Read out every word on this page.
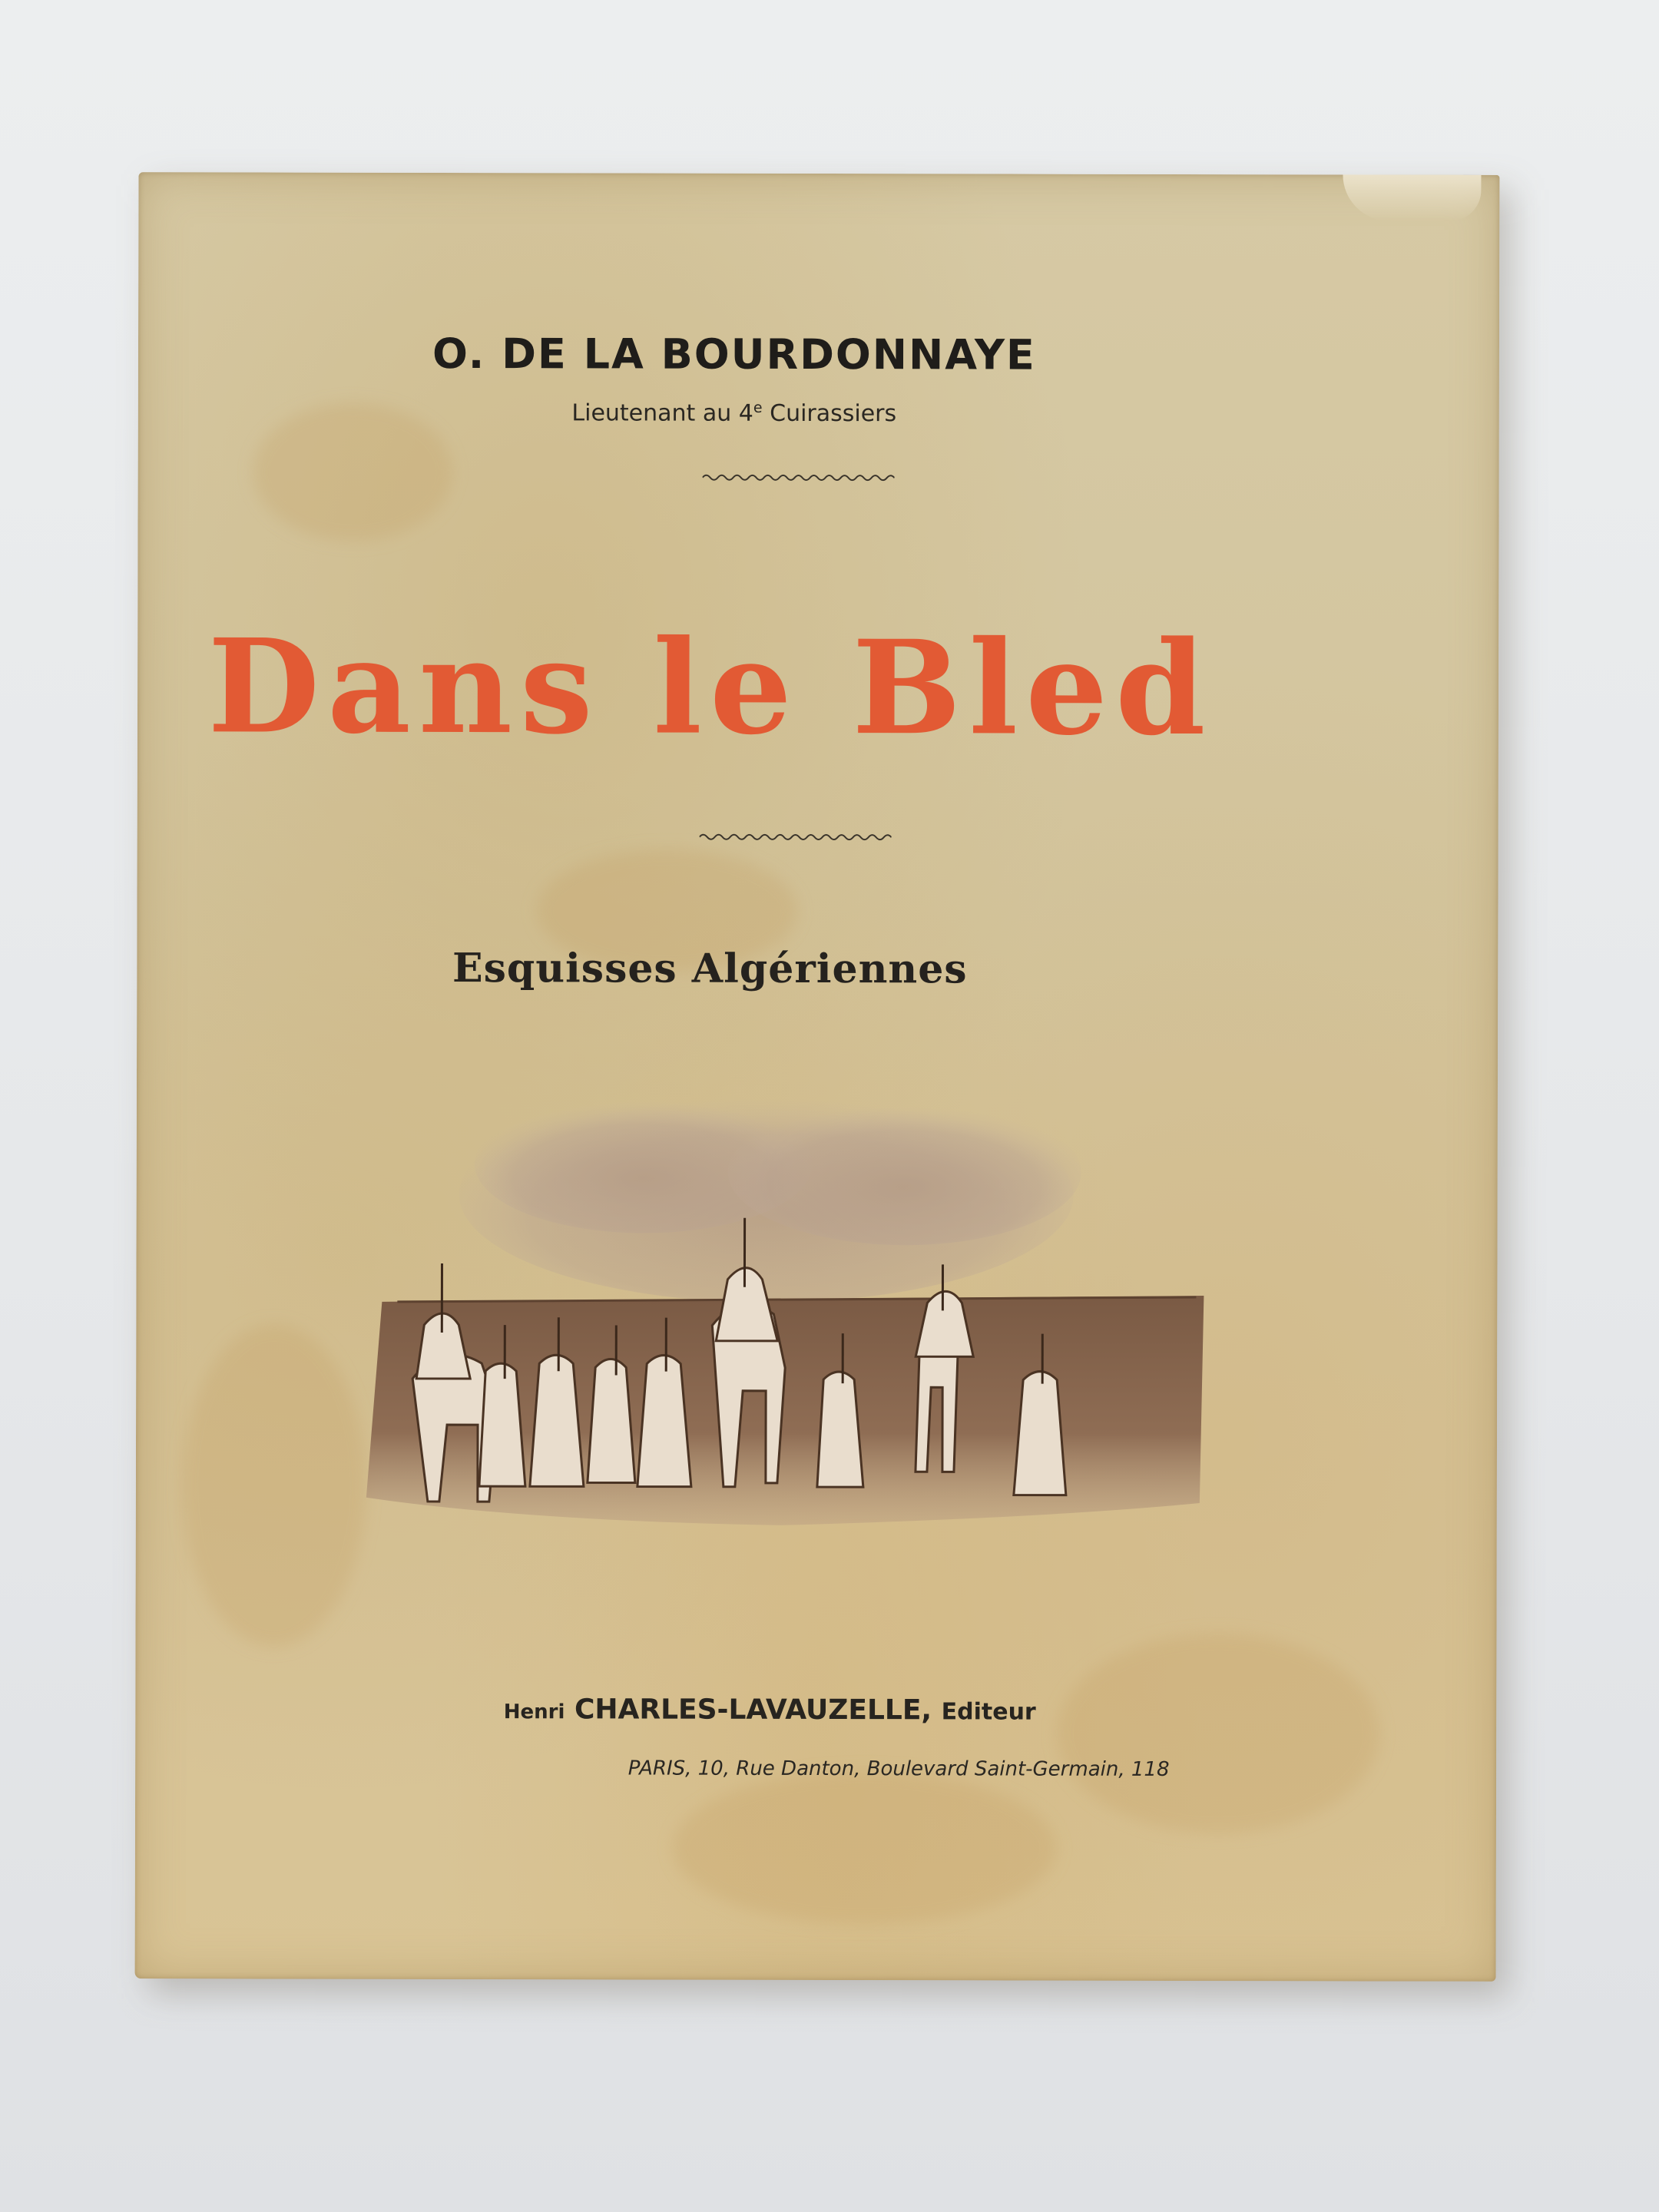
O. DE LA BOURDONNAYE
Lieutenant au 4e Cuirassiers
Dans le Bled
Esquisses Algériennes
Henri CHARLES-LAVAUZELLE, Editeur
PARIS, 10, Rue Danton, Boulevard Saint-Germain, 118
